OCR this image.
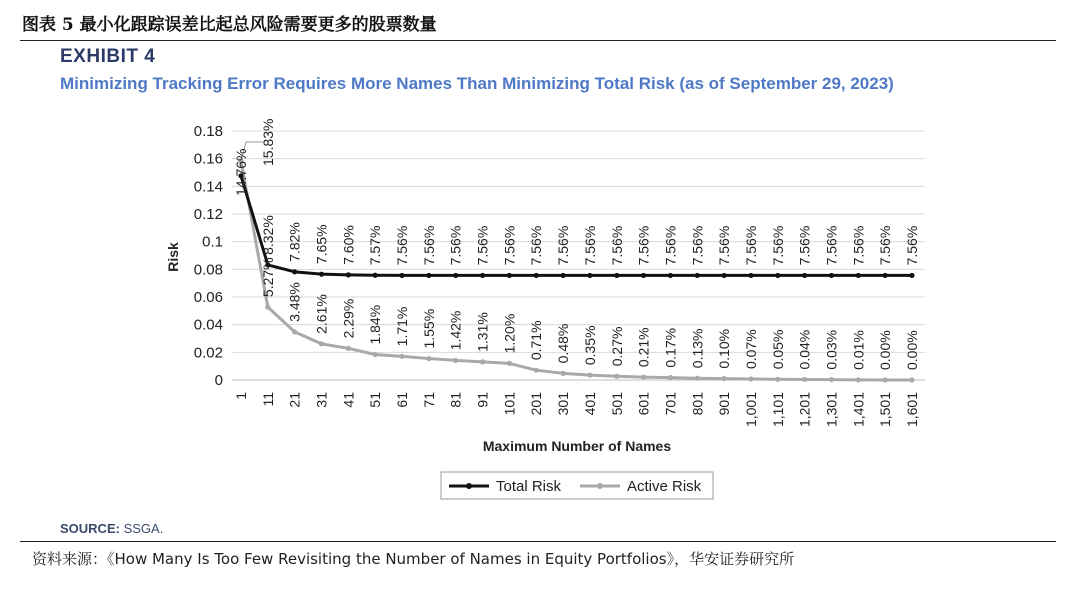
图表 5 最小化跟踪误差比起总风险需要更多的股票数量
EXHIBIT 4
Minimizing Tracking Error Requires More Names Than Minimizing Total Risk (as of September 29, 2023)
0
0.02
0.04
0.06
0.08
0.1
0.12
0.14
0.16
0.18
Risk
1 11 21 31 41 51 61 71 81 91 101 201 301 401 501 601 701 801 901 1,001 1,101 1,201 1,301 1,401 1,501 1,601
Maximum Number of Names
14.76%
8.32% 7.82% 7.65% 7.60% 7.57% 7.56% 7.56% 7.56% 7.56% 7.56% 7.56% 7.56% 7.56% 7.56% 7.56% 7.56% 7.56% 7.56% 7.56% 7.56% 7.56% 7.56% 7.56% 7.56% 7.56%
15.83%
5.27%
3.48% 2.61% 2.29% 1.84% 1.71% 1.55% 1.42% 1.31% 1.20% 0.71% 0.48% 0.35% 0.27% 0.21% 0.17% 0.13% 0.10% 0.07% 0.05% 0.04% 0.03% 0.01% 0.00% 0.00%
Total Risk	Active Risk
SOURCE: SSGA.
资料来源：《How Many Is Too Few Revisiting the Number of Names in Equity Portfolios》，华安证券研究所
